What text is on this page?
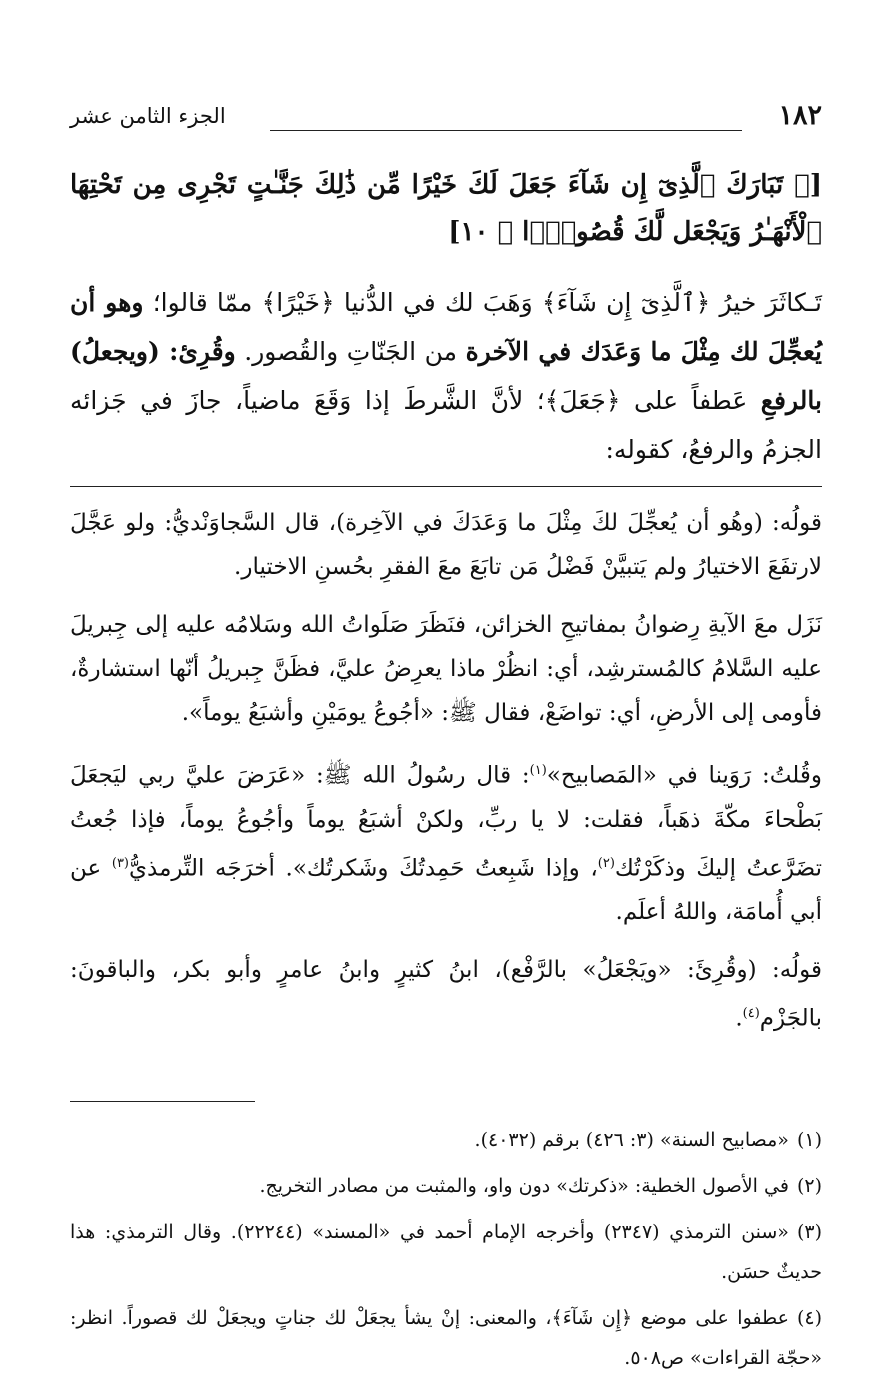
١٨٢
الجزء الثامن عشر
[﴿ تَبَارَكَ ٱلَّذِىٓ إِن شَآءَ جَعَلَ لَكَ خَيْرًا مِّن ذَٰلِكَ جَنَّـٰتٍ تَجْرِى مِن تَحْتِهَا ٱلْأَنْهَـٰرُ وَيَجْعَل لَّكَ قُصُورًۢا ﴾ ١٠]
تَـكاثَرَ خيرُ ﴿ٱلَّذِىٓ إِن شَآءَ﴾ وَهَبَ لك في الدُّنيا ﴿خَيْرًا﴾ ممّا قالوا؛ وهو أن يُعجِّلَ لك مِثْلَ ما وَعَدَك في الآخرة من الجَنّاتِ والقُصور. وقُرِئ: (ويجعلُ) بالرفعِ عَطفاً على ﴿جَعَلَ﴾؛ لأنَّ الشَّرطَ إذا وَقَعَ ماضياً، جازَ في جَزائه الجزمُ والرفعُ، كقوله:

قولُه: (وهُو أن يُعجِّلَ لكَ مِثْلَ ما وَعَدَكَ في الآخِرة)، قال السَّجاوَنْديُّ: ولو عَجَّلَ لارتفَعَ الاختيارُ ولم يَتبيَّنْ فَضْلُ مَن تابَعَ معَ الفقرِ بحُسنِ الاختيار.

نَزَل معَ الآيةِ رِضوانُ بمفاتيحِ الخزائن، فنَظَرَ صَلَواتُ الله وسَلامُه عليه إلى جِبريلَ عليه السَّلامُ كالمُسترشِد، أي: انظُرْ ماذا يعرِضُ عليَّ، فظَنَّ جِبريلُ أنّها استشارةٌ، فأومى إلى الأرضِ، أي: تواضَعْ، فقال ﷺ: «أجُوعُ يومَيْنِ وأشبَعُ يوماً».

وقُلتُ: رَوَينا في «المَصابيح»$^{(١)}$: قال رسُولُ الله ﷺ: «عَرَضَ عليَّ ربي ليَجعَلَ بَطْحاءَ مكّةَ ذهَباً، فقلت: لا يا ربِّ، ولكنْ أشبَعُ يوماً وأجُوعُ يوماً، فإذا جُعتُ تضَرَّعتُ إليكَ وذكَرْتُك$^{(٢)}$، وإذا شَبِعتُ حَمِدتُكَ وشَكرتُك». أخرَجَه التِّرمذيُّ$^{(٣)}$ عن أبي أُمامَة، واللهُ أعلَم.

قولُه: (وقُرِئَ: «ويَجْعَلُ» بالرَّفْع)، ابنُ كثيرٍ وابنُ عامرٍ وأبو بكر، والباقونَ: بالجَزْم$^{(٤)}$.

(١)«مصابيح السنة» (٣: ٤٢٦) برقم (٤٠٣٢).

(٢)في الأصول الخطية: «ذكرتك» دون واو، والمثبت من مصادر التخريج.

(٣)«سنن الترمذي (٢٣٤٧) وأخرجه الإمام أحمد في «المسند» (٢٢٢٤٤). وقال الترمذي: هذا حديثٌ حسَن.

(٤)عطفوا على موضع ﴿إِن شَآءَ﴾، والمعنى: إنْ يشأ يجعَلْ لك جناتٍ ويجعَلْ لك قصوراً. انظر: «حجّة القراءات» ص٥٠٨.
